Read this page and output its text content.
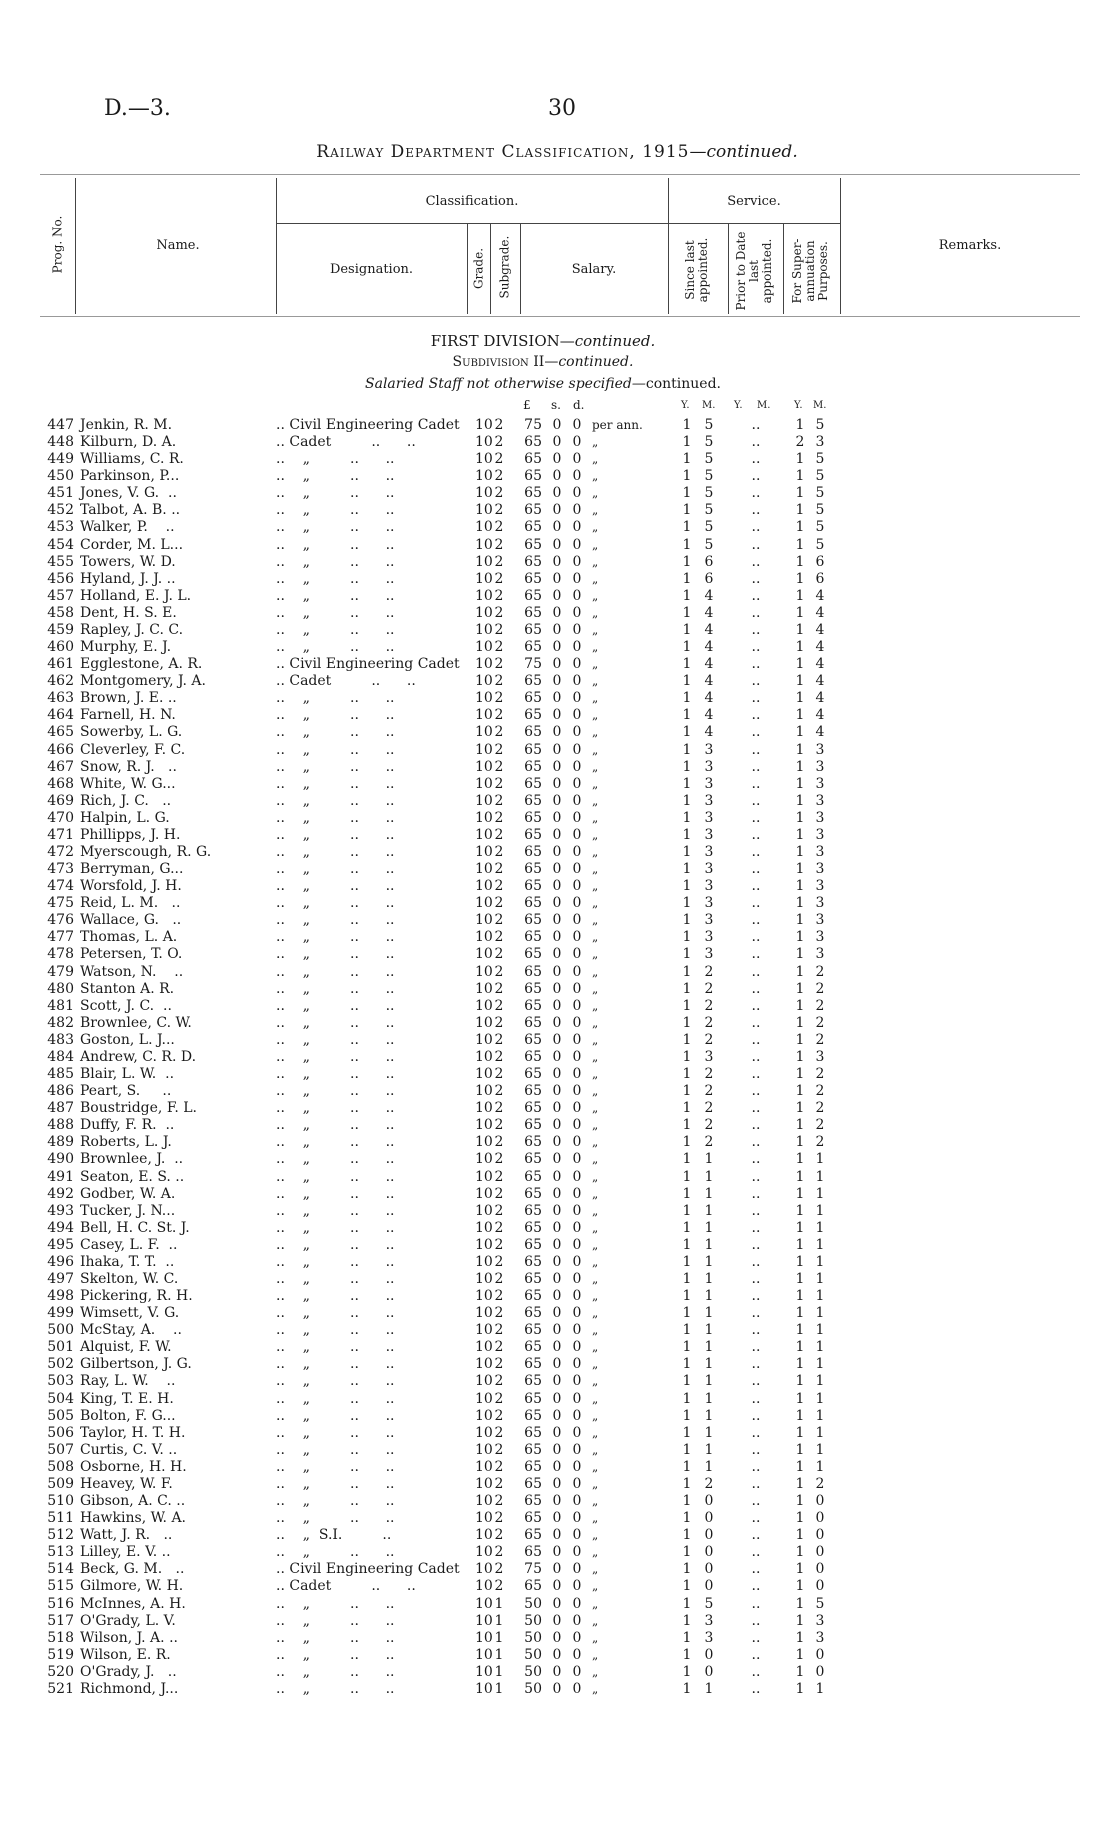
D.—3.	30
Railway Department Classification, 1915—continued.
Prog. No.	Name.
Classification.
Designation.	Grade. Subgrade.	Salary.
Service.
Since last appointed. Prior to Date last appointed. For Super- annuation Purposes.	Remarks.
FIRST DIVISION—continued.
Subdivision II—continued.
Salaried Staff not otherwise specified—continued.
£ s. d.	Y. M. Y. M. Y. M.
447 Jenkin, R. M.	.. Civil Engineering Cadet 10 2	75 0 0 per ann.	1 5	..	1 5
448 Kilburn, D. A.	.. Cadet         ..      ..	10 2	65 0 0 „	1 5	..	2 3
449 Williams, C. R.	..    „         ..      ..	10 2	65 0 0 „	1 5	..	1 5
450 Parkinson, P...	..    „         ..      ..	10 2	65 0 0 „	1 5	..	1 5
451 Jones, V. G.  ..	..    „         ..      ..	10 2	65 0 0 „	1 5	..	1 5
452 Talbot, A. B. ..	..    „         ..      ..	10 2	65 0 0 „	1 5	..	1 5
453 Walker, P.    ..	..    „         ..      ..	10 2	65 0 0 „	1 5	..	1 5
454 Corder, M. L...	..    „         ..      ..	10 2	65 0 0 „	1 5	..	1 5
455 Towers, W. D.	..    „         ..      ..	10 2	65 0 0 „	1 6	..	1 6
456 Hyland, J. J. ..	..    „         ..      ..	10 2	65 0 0 „	1 6	..	1 6
457 Holland, E. J. L.	..    „         ..      ..	10 2	65 0 0 „	1 4	..	1 4
458 Dent, H. S. E.	..    „         ..      ..	10 2	65 0 0 „	1 4	..	1 4
459 Rapley, J. C. C.	..    „         ..      ..	10 2	65 0 0 „	1 4	..	1 4
460 Murphy, E. J.	..    „         ..      ..	10 2	65 0 0 „	1 4	..	1 4
461 Egglestone, A. R.	.. Civil Engineering Cadet 10 2	75 0 0 „	1 4	..	1 4
462 Montgomery, J. A.	.. Cadet         ..      ..	10 2	65 0 0 „	1 4	..	1 4
463 Brown, J. E. ..	..    „         ..      ..	10 2	65 0 0 „	1 4	..	1 4
464 Farnell, H. N.	..    „         ..      ..	10 2	65 0 0 „	1 4	..	1 4
465 Sowerby, L. G.	..    „         ..      ..	10 2	65 0 0 „	1 4	..	1 4
466 Cleverley, F. C.	..    „         ..      ..	10 2	65 0 0 „	1 3	..	1 3
467 Snow, R. J.   ..	..    „         ..      ..	10 2	65 0 0 „	1 3	..	1 3
468 White, W. G...	..    „         ..      ..	10 2	65 0 0 „	1 3	..	1 3
469 Rich, J. C.   ..	..    „         ..      ..	10 2	65 0 0 „	1 3	..	1 3
470 Halpin, L. G.	..    „         ..      ..	10 2	65 0 0 „	1 3	..	1 3
471 Phillipps, J. H.	..    „         ..      ..	10 2	65 0 0 „	1 3	..	1 3
472 Myerscough, R. G.	..    „         ..      ..	10 2	65 0 0 „	1 3	..	1 3
473 Berryman, G...	..    „         ..      ..	10 2	65 0 0 „	1 3	..	1 3
474 Worsfold, J. H.	..    „         ..      ..	10 2	65 0 0 „	1 3	..	1 3
475 Reid, L. M.   ..	..    „         ..      ..	10 2	65 0 0 „	1 3	..	1 3
476 Wallace, G.   ..	..    „         ..      ..	10 2	65 0 0 „	1 3	..	1 3
477 Thomas, L. A.	..    „         ..      ..	10 2	65 0 0 „	1 3	..	1 3
478 Petersen, T. O.	..    „         ..      ..	10 2	65 0 0 „	1 3	..	1 3
479 Watson, N.    ..	..    „         ..      ..	10 2	65 0 0 „	1 2	..	1 2
480 Stanton A. R.	..    „         ..      ..	10 2	65 0 0 „	1 2	..	1 2
481 Scott, J. C.  ..	..    „         ..      ..	10 2	65 0 0 „	1 2	..	1 2
482 Brownlee, C. W.	..    „         ..      ..	10 2	65 0 0 „	1 2	..	1 2
483 Goston, L. J...	..    „         ..      ..	10 2	65 0 0 „	1 2	..	1 2
484 Andrew, C. R. D.	..    „         ..      ..	10 2	65 0 0 „	1 3	..	1 3
485 Blair, L. W.  ..	..    „         ..      ..	10 2	65 0 0 „	1 2	..	1 2
486 Peart, S.     ..	..    „         ..      ..	10 2	65 0 0 „	1 2	..	1 2
487 Boustridge, F. L.	..    „         ..      ..	10 2	65 0 0 „	1 2	..	1 2
488 Duffy, F. R.  ..	..    „         ..      ..	10 2	65 0 0 „	1 2	..	1 2
489 Roberts, L. J.	..    „         ..      ..	10 2	65 0 0 „	1 2	..	1 2
490 Brownlee, J.  ..	..    „         ..      ..	10 2	65 0 0 „	1 1	..	1 1
491 Seaton, E. S. ..	..    „         ..      ..	10 2	65 0 0 „	1 1	..	1 1
492 Godber, W. A.	..    „         ..      ..	10 2	65 0 0 „	1 1	..	1 1
493 Tucker, J. N...	..    „         ..      ..	10 2	65 0 0 „	1 1	..	1 1
494 Bell, H. C. St. J.	..    „         ..      ..	10 2	65 0 0 „	1 1	..	1 1
495 Casey, L. F.  ..	..    „         ..      ..	10 2	65 0 0 „	1 1	..	1 1
496 Ihaka, T. T.  ..	..    „         ..      ..	10 2	65 0 0 „	1 1	..	1 1
497 Skelton, W. C.	..    „         ..      ..	10 2	65 0 0 „	1 1	..	1 1
498 Pickering, R. H.	..    „         ..      ..	10 2	65 0 0 „	1 1	..	1 1
499 Wimsett, V. G.	..    „         ..      ..	10 2	65 0 0 „	1 1	..	1 1
500 McStay, A.    ..	..    „         ..      ..	10 2	65 0 0 „	1 1	..	1 1
501 Alquist, F. W.	..    „         ..      ..	10 2	65 0 0 „	1 1	..	1 1
502 Gilbertson, J. G.	..    „         ..      ..	10 2	65 0 0 „	1 1	..	1 1
503 Ray, L. W.    ..	..    „         ..      ..	10 2	65 0 0 „	1 1	..	1 1
504 King, T. E. H.	..    „         ..      ..	10 2	65 0 0 „	1 1	..	1 1
505 Bolton, F. G...	..    „         ..      ..	10 2	65 0 0 „	1 1	..	1 1
506 Taylor, H. T. H.	..    „         ..      ..	10 2	65 0 0 „	1 1	..	1 1
507 Curtis, C. V. ..	..    „         ..      ..	10 2	65 0 0 „	1 1	..	1 1
508 Osborne, H. H.	..    „         ..      ..	10 2	65 0 0 „	1 1	..	1 1
509 Heavey, W. F.	..    „         ..      ..	10 2	65 0 0 „	1 2	..	1 2
510 Gibson, A. C. ..	..    „         ..      ..	10 2	65 0 0 „	1 0	..	1 0
511 Hawkins, W. A.	..    „         ..      ..	10 2	65 0 0 „	1 0	..	1 0
512 Watt, J. R.   ..	..    „  S.I.         ..	10 2	65 0 0 „	1 0	..	1 0
513 Lilley, E. V. ..	..    „         ..      ..	10 2	65 0 0 „	1 0	..	1 0
514 Beck, G. M.   ..	.. Civil Engineering Cadet 10 2	75 0 0 „	1 0	..	1 0
515 Gilmore, W. H.	.. Cadet         ..      ..	10 2	65 0 0 „	1 0	..	1 0
516 McInnes, A. H.	..    „         ..      ..	10 1	50 0 0 „	1 5	..	1 5
517 O'Grady, L. V.	..    „         ..      ..	10 1	50 0 0 „	1 3	..	1 3
518 Wilson, J. A. ..	..    „         ..      ..	10 1	50 0 0 „	1 3	..	1 3
519 Wilson, E. R.	..    „         ..      ..	10 1	50 0 0 „	1 0	..	1 0
520 O'Grady, J.   ..	..    „         ..      ..	10 1	50 0 0 „	1 0	..	1 0
521 Richmond, J...	..    „         ..      ..	10 1	50 0 0 „	1 1	..	1 1
